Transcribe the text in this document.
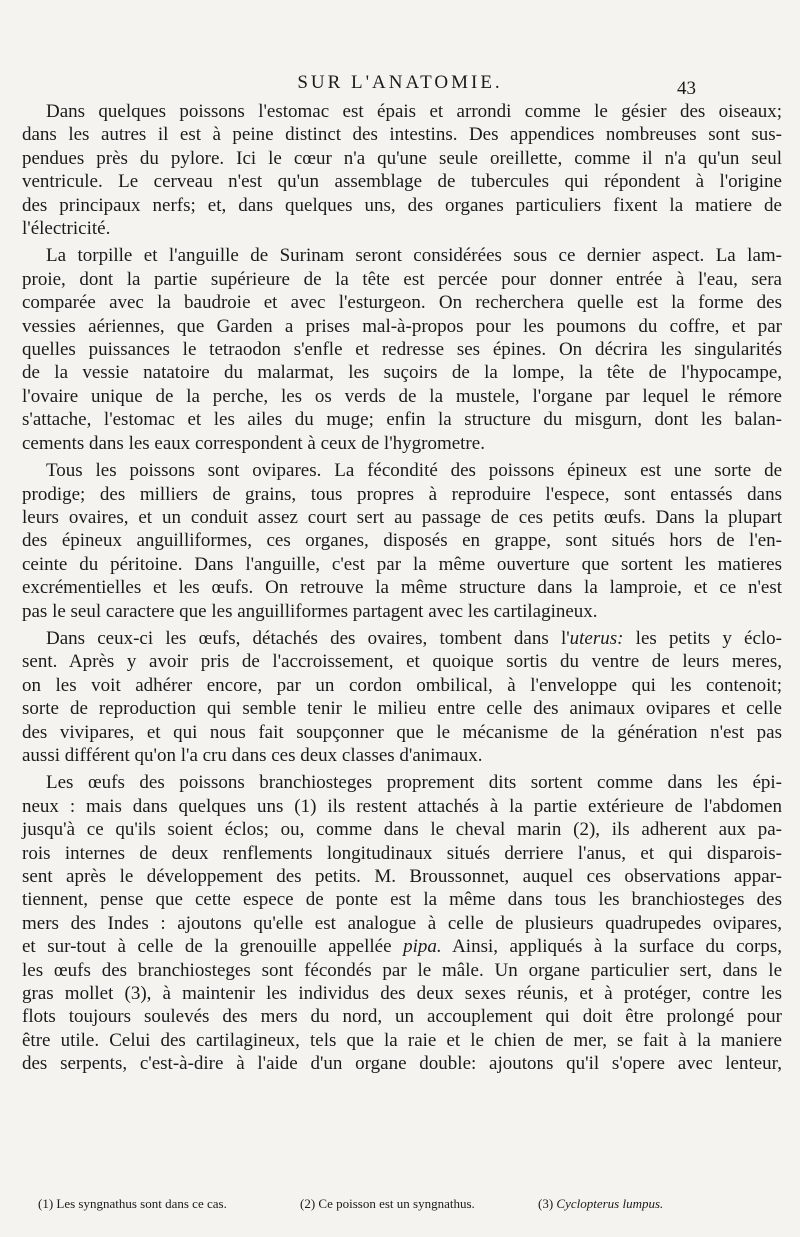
SUR L'ANATOMIE.	43
Dans quelques poissons l'estomac est épais et arrondi comme le gésier des oiseaux;
dans les autres il est à peine distinct des intestins. Des appendices nombreuses sont sus-
pendues près du pylore. Ici le cœur n'a qu'une seule oreillette, comme il n'a qu'un seul
ventricule. Le cerveau n'est qu'un assemblage de tubercules qui répondent à l'origine
des principaux nerfs; et, dans quelques uns, des organes particuliers fixent la matiere de
l'électricité.
La torpille et l'anguille de Surinam seront considérées sous ce dernier aspect. La lam-
proie, dont la partie supérieure de la tête est percée pour donner entrée à l'eau, sera
comparée avec la baudroie et avec l'esturgeon. On recherchera quelle est la forme des
vessies aériennes, que Garden a prises mal-à-propos pour les poumons du coffre, et par
quelles puissances le tetraodon s'enfle et redresse ses épines. On décrira les singularités
de la vessie natatoire du malarmat, les suçoirs de la lompe, la tête de l'hypocampe,
l'ovaire unique de la perche, les os verds de la mustele, l'organe par lequel le rémore
s'attache, l'estomac et les ailes du muge; enfin la structure du misgurn, dont les balan-
cements dans les eaux correspondent à ceux de l'hygrometre.
Tous les poissons sont ovipares. La fécondité des poissons épineux est une sorte de
prodige; des milliers de grains, tous propres à reproduire l'espece, sont entassés dans
leurs ovaires, et un conduit assez court sert au passage de ces petits œufs. Dans la plupart
des épineux anguilliformes, ces organes, disposés en grappe, sont situés hors de l'en-
ceinte du péritoine. Dans l'anguille, c'est par la même ouverture que sortent les matieres
excrémentielles et les œufs. On retrouve la même structure dans la lamproie, et ce n'est
pas le seul caractere que les anguilliformes partagent avec les cartilagineux.
Dans ceux-ci les œufs, détachés des ovaires, tombent dans l'uterus: les petits y éclo-
sent. Après y avoir pris de l'accroissement, et quoique sortis du ventre de leurs meres,
on les voit adhérer encore, par un cordon ombilical, à l'enveloppe qui les contenoit;
sorte de reproduction qui semble tenir le milieu entre celle des animaux ovipares et celle
des vivipares, et qui nous fait soupçonner que le mécanisme de la génération n'est pas
aussi différent qu'on l'a cru dans ces deux classes d'animaux.
Les œufs des poissons branchiosteges proprement dits sortent comme dans les épi-
neux : mais dans quelques uns (1) ils restent attachés à la partie extérieure de l'abdomen
jusqu'à ce qu'ils soient éclos; ou, comme dans le cheval marin (2), ils adherent aux pa-
rois internes de deux renflements longitudinaux situés derriere l'anus, et qui disparois-
sent après le développement des petits. M. Broussonnet, auquel ces observations appar-
tiennent, pense que cette espece de ponte est la même dans tous les branchiosteges des
mers des Indes : ajoutons qu'elle est analogue à celle de plusieurs quadrupedes ovipares,
et sur-tout à celle de la grenouille appellée pipa. Ainsi, appliqués à la surface du corps,
les œufs des branchiosteges sont fécondés par le mâle. Un organe particulier sert, dans le
gras mollet (3), à maintenir les individus des deux sexes réunis, et à protéger, contre les
flots toujours soulevés des mers du nord, un accouplement qui doit être prolongé pour
être utile. Celui des cartilagineux, tels que la raie et le chien de mer, se fait à la maniere
des serpents, c'est-à-dire à l'aide d'un organe double: ajoutons qu'il s'opere avec lenteur,
(1) Les syngnathus sont dans ce cas.	(2) Ce poisson est un syngnathus.	(3) Cyclopterus lumpus.
